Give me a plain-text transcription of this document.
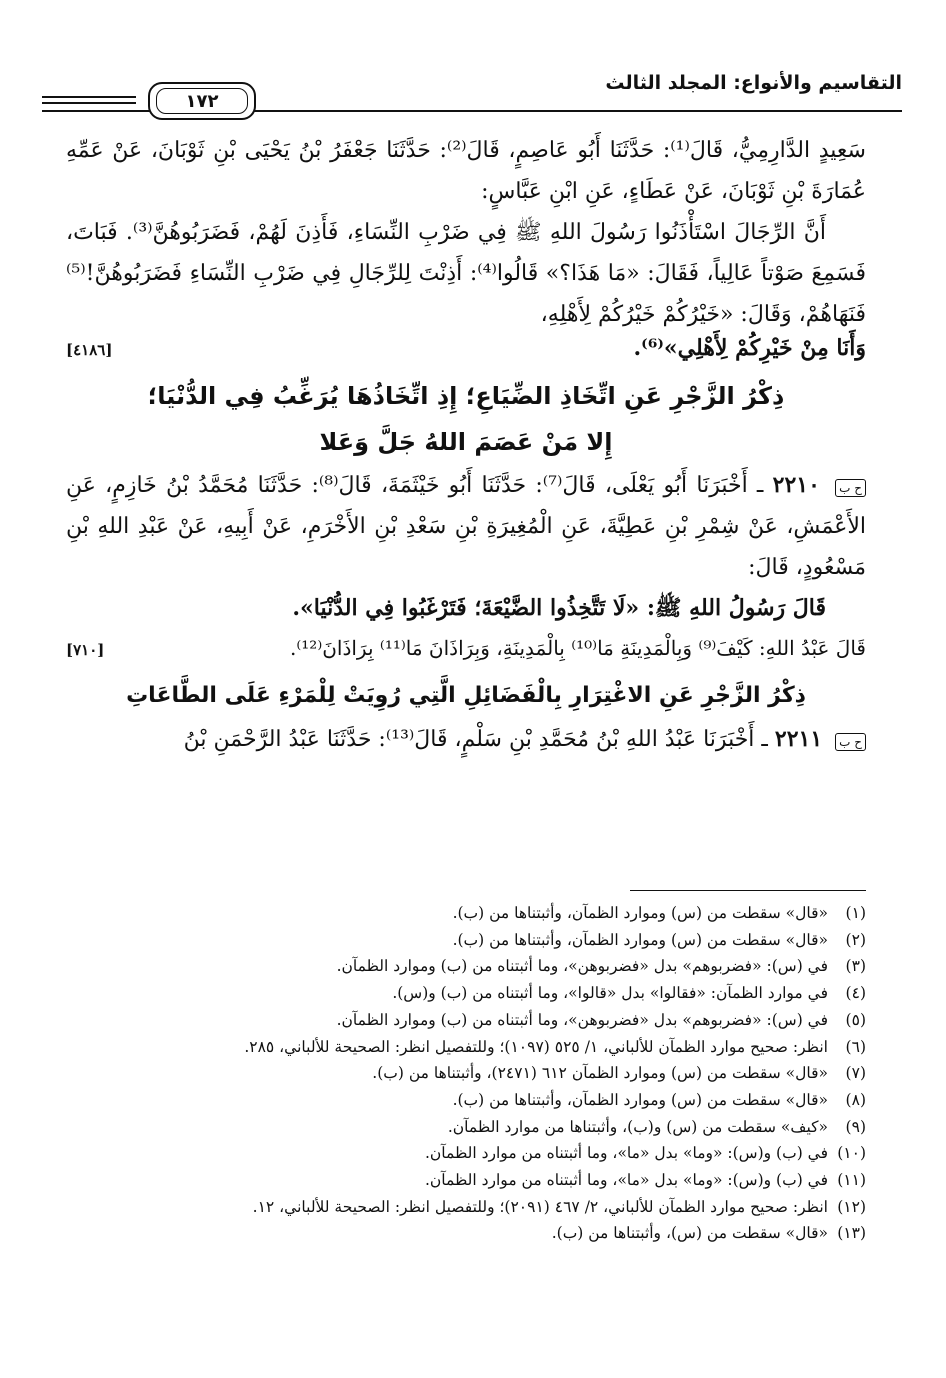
التقاسيم والأنواع: المجلد الثالث
١٧٢

سَعِيدٍ الدَّارِمِيُّ، قَالَ⁽¹⁾: حَدَّثَنَا أَبُو عَاصِمٍ، قَالَ⁽²⁾: حَدَّثَنَا جَعْفَرُ بْنُ يَحْيَى بْنِ ثَوْبَانَ، عَنْ عَمِّهِ عُمَارَةَ بْنِ ثَوْبَانَ، عَنْ عَطَاءٍ، عَنِ ابْنِ عَبَّاسٍ:

أَنَّ الرِّجَالَ اسْتَأْذَنُوا رَسُولَ اللهِ ﷺ فِي ضَرْبِ النِّسَاءِ، فَأَذِنَ لَهُمْ، فَضَرَبُوهُنَّ⁽³⁾. فَبَاتَ، فَسَمِعَ صَوْتاً عَالِياً، فَقَالَ: «مَا هَذَا؟» قَالُوا⁽⁴⁾: أَذِنْتَ لِلرِّجَالِ فِي ضَرْبِ النِّسَاءِ فَضَرَبُوهُنَّ!⁽⁵⁾ فَنَهَاهُمْ، وَقَالَ: «خَيْرُكُمْ خَيْرُكُمْ لِأَهْلِهِ،

وَأَنَا مِنْ خَيْرِكُمْ لِأَهْلِي»⁽⁶⁾.
[٤١٨٦]
ذِكْرُ الزَّجْرِ عَنِ اتِّخَاذِ الضِّيَاعِ؛ إِذِ اتِّخَاذُهَا يُرَغِّبُ فِي الدُّنْيَا؛
إِلا مَنْ عَصَمَ اللهُ جَلَّ وَعَلا

ح ب ٢٢١٠ ـ أَخْبَرَنَا أَبُو يَعْلَى، قَالَ⁽⁷⁾: حَدَّثَنَا أَبُو خَيْثَمَةَ، قَالَ⁽⁸⁾: حَدَّثَنَا مُحَمَّدُ بْنُ خَازِمٍ، عَنِ الأَعْمَشِ، عَنْ شِمْرِ بْنِ عَطِيَّةَ، عَنِ الْمُغِيرَةِ بْنِ سَعْدِ بْنِ الأَخْرَمِ، عَنْ أَبِيهِ، عَنْ عَبْدِ اللهِ بْنِ مَسْعُودٍ، قَالَ:

قَالَ رَسُولُ اللهِ ﷺ: «لَا تَتَّخِذُوا الضَّيْعَةَ؛ فَتَرْغَبُوا فِي الدُّنْيَا».

قَالَ عَبْدُ اللهِ: كَيْفَ⁽⁹⁾ وَبِالْمَدِينَةِ مَا⁽¹⁰⁾ بِالْمَدِينَةِ، وَبِرَاذَانَ مَا⁽¹¹⁾ بِرَاذَانَ⁽¹²⁾.
[٧١٠]
ذِكْرُ الزَّجْرِ عَنِ الاغْتِرَارِ بِالْفَضَائِلِ الَّتِي رُوِيَتْ لِلْمَرْءِ عَلَى الطَّاعَاتِ

ح ب ٢٢١١ ـ أَخْبَرَنَا عَبْدُ اللهِ بْنُ مُحَمَّدِ بْنِ سَلْمٍ، قَالَ⁽¹³⁾: حَدَّثَنَا عَبْدُ الرَّحْمَنِ بْنُ

(١)
«قال» سقطت من (س) وموارد الظمآن، وأثبتناها من (ب).
(٢)
«قال» سقطت من (س) وموارد الظمآن، وأثبتناها من (ب).
(٣)
في (س): «فضربوهم» بدل «فضربوهن»، وما أثبتناه من (ب) وموارد الظمآن.
(٤)
في موارد الظمآن: «فقالوا» بدل «قالوا»، وما أثبتناه من (ب) و(س).
(٥)
في (س): «فضربوهم» بدل «فضربوهن»، وما أثبتناه من (ب) وموارد الظمآن.
(٦)
انظر: صحيح موارد الظمآن للألباني، ١/ ٥٢٥ (١٠٩٧)؛ وللتفصيل انظر: الصحيحة للألباني، ٢٨٥.
(٧)
«قال» سقطت من (س) وموارد الظمآن ٦١٢ (٢٤٧١)، وأثبتناها من (ب).
(٨)
«قال» سقطت من (س) وموارد الظمآن، وأثبتناها من (ب).
(٩)
«كيف» سقطت من (س) و(ب)، وأثبتناها من موارد الظمآن.
(١٠)
في (ب) و(س): «وما» بدل «ما»، وما أثبتناه من موارد الظمآن.
(١١)
في (ب) و(س): «وما» بدل «ما»، وما أثبتناه من موارد الظمآن.
(١٢)
انظر: صحيح موارد الظمآن للألباني، ٢/ ٤٦٧ (٢٠٩١)؛ وللتفصيل انظر: الصحيحة للألباني، ١٢.
(١٣)
«قال» سقطت من (س)، وأثبتناها من (ب).
